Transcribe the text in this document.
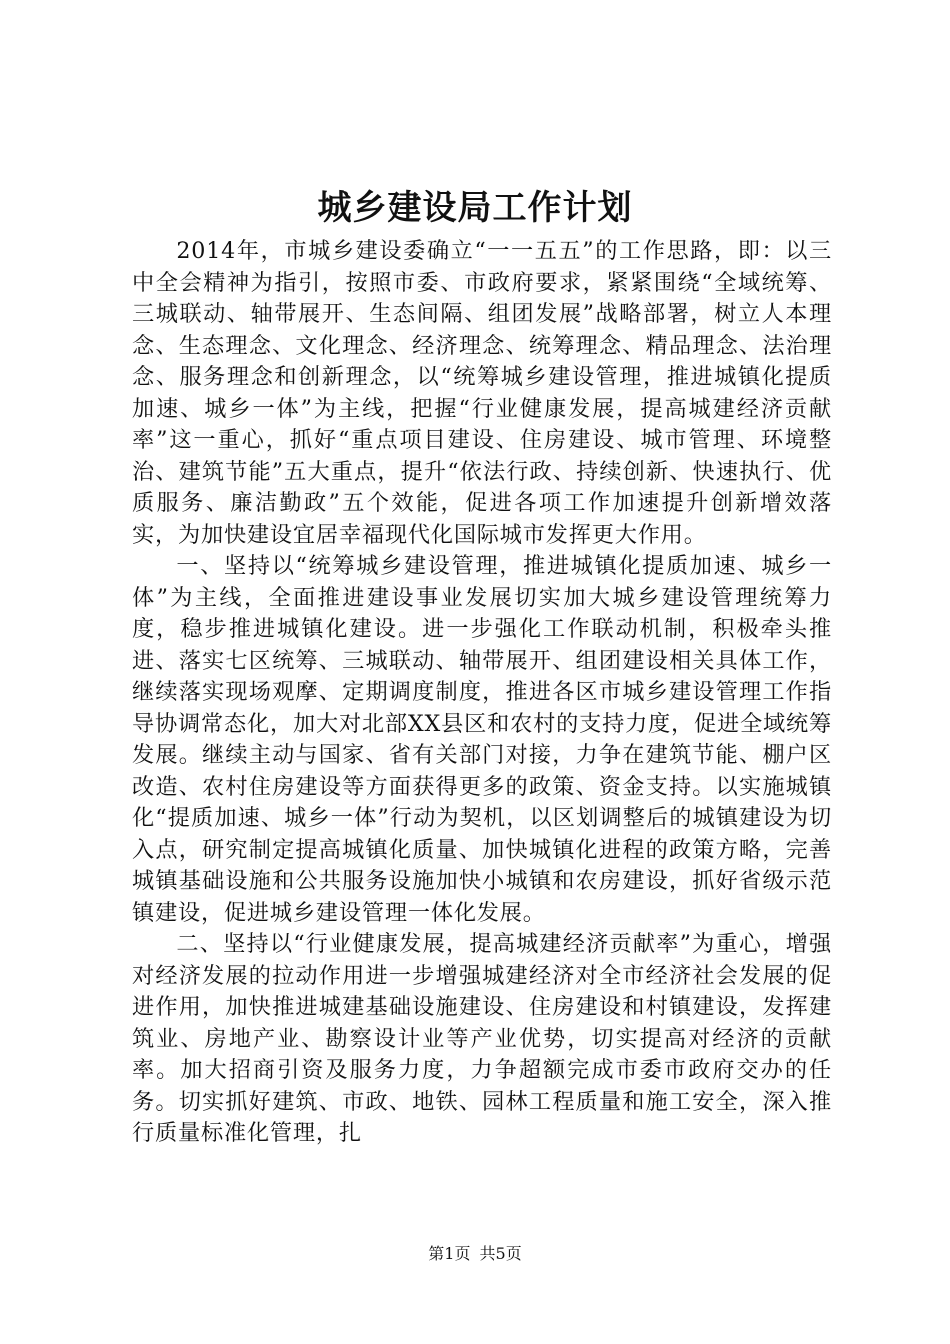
城乡建设局工作计划

2014年，市城乡建设委确立“一一五五”的工作思路，即：以三中全会精神为指引，按照市委、市政府要求，紧紧围绕“全域统筹、三城联动、轴带展开、生态间隔、组团发展”战略部署，树立人本理念、生态理念、文化理念、经济理念、统筹理念、精品理念、法治理念、服务理念和创新理念，以“统筹城乡建设管理，推进城镇化提质加速、城乡一体”为主线，把握“行业健康发展，提高城建经济贡献率”这一重心，抓好“重点项目建设、住房建设、城市管理、环境整治、建筑节能”五大重点，提升“依法行政、持续创新、快速执行、优质服务、廉洁勤政”五个效能，促进各项工作加速提升创新增效落实，为加快建设宜居幸福现代化国际城市发挥更大作用。

一、坚持以“统筹城乡建设管理，推进城镇化提质加速、城乡一体”为主线，全面推进建设事业发展切实加大城乡建设管理统筹力度，稳步推进城镇化建设。进一步强化工作联动机制，积极牵头推进、落实七区统筹、三城联动、轴带展开、组团建设相关具体工作，继续落实现场观摩、定期调度制度，推进各区市城乡建设管理工作指导协调常态化，加大对北部XX县区和农村的支持力度，促进全域统筹发展。继续主动与国家、省有关部门对接，力争在建筑节能、棚户区改造、农村住房建设等方面获得更多的政策、资金支持。以实施城镇化“提质加速、城乡一体”行动为契机，以区划调整后的城镇建设为切入点，研究制定提高城镇化质量、加快城镇化进程的政策方略，完善城镇基础设施和公共服务设施加快小城镇和农房建设，抓好省级示范镇建设，促进城乡建设管理一体化发展。

二、坚持以“行业健康发展，提高城建经济贡献率”为重心，增强对经济发展的拉动作用进一步增强城建经济对全市经济社会发展的促进作用，加快推进城建基础设施建设、住房建设和村镇建设，发挥建筑业、房地产业、勘察设计业等产业优势，切实提高对经济的贡献率。加大招商引资及服务力度，力争超额完成市委市政府交办的任务。切实抓好建筑、市政、地铁、园林工程质量和施工安全，深入推行质量标准化管理，扎

第1页 共5页
